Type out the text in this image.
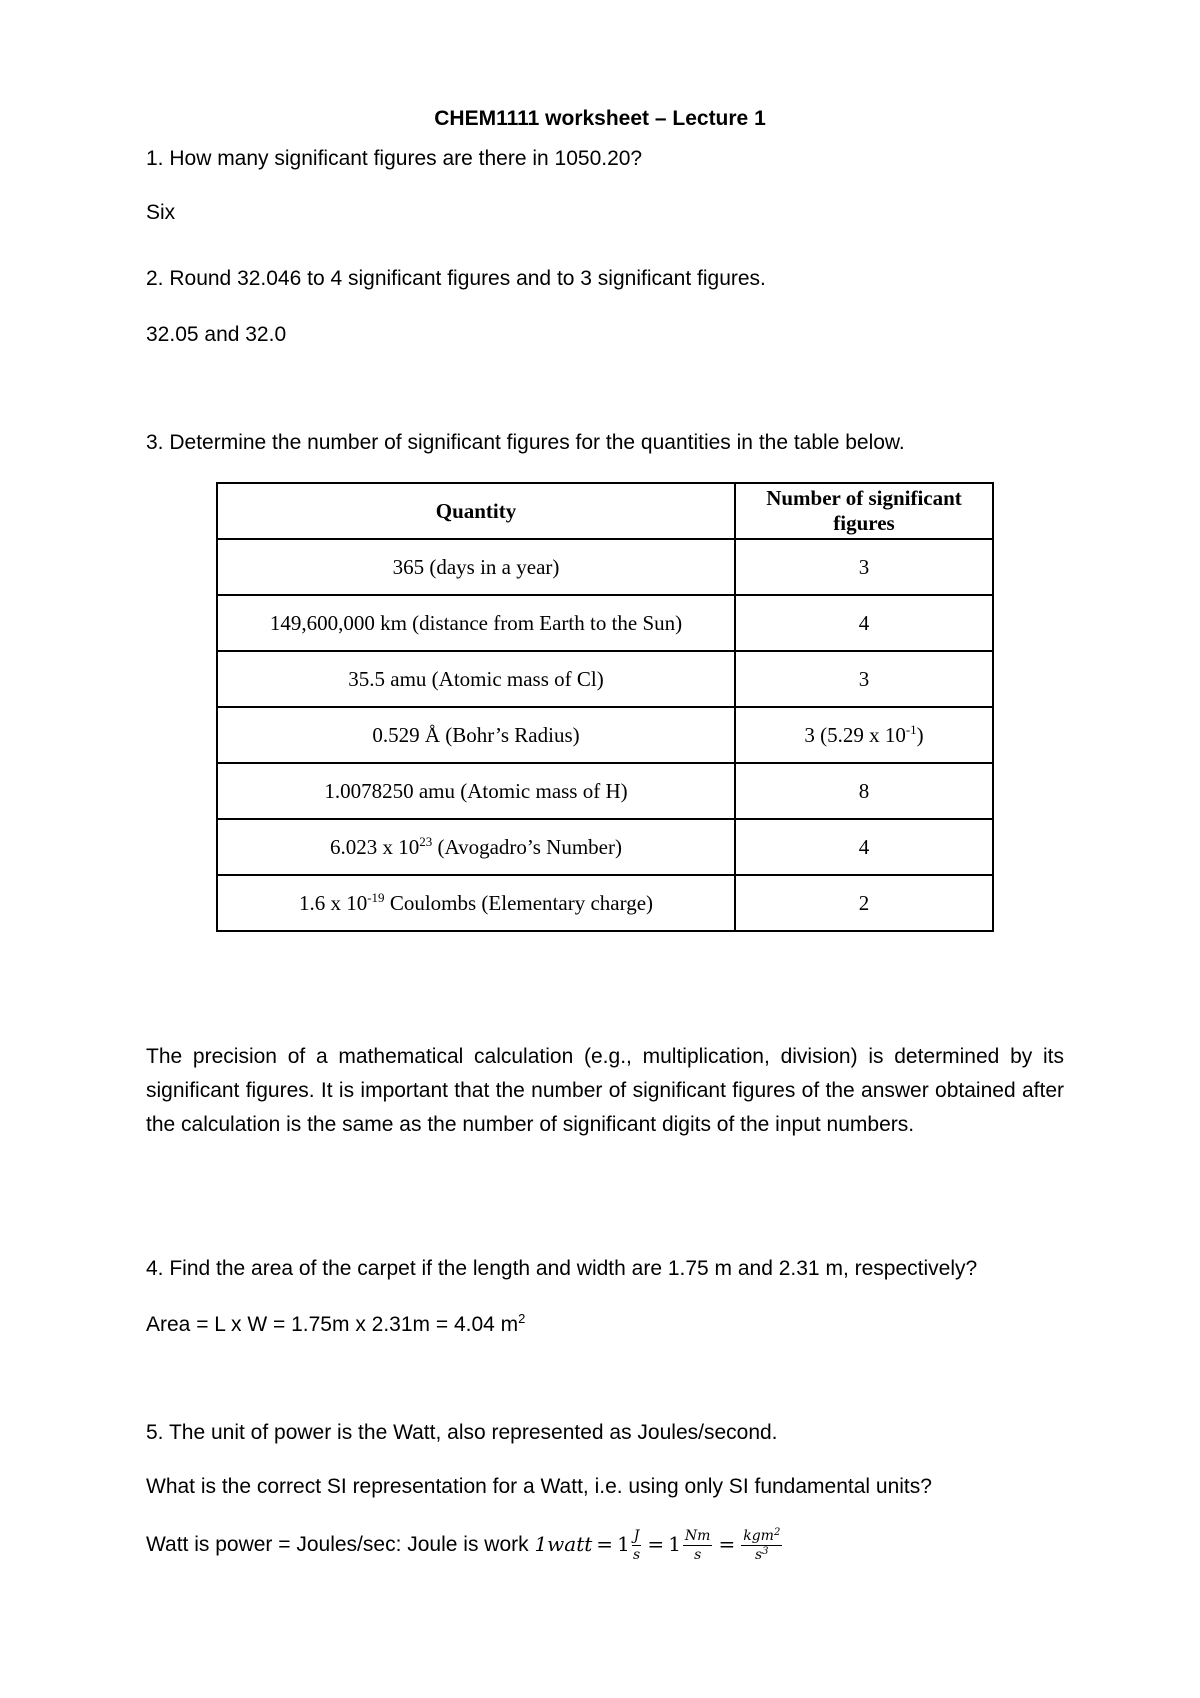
CHEM1111 worksheet – Lecture 1
1. How many significant figures are there in 1050.20?
Six
2. Round 32.046 to 4 significant figures and to 3 significant figures.
32.05 and 32.0
3. Determine the number of significant figures for the quantities in the table below.
Quantity	Number of significant figures
365 (days in a year)	3
149,600,000 km (distance from Earth to the Sun)	4
35.5 amu (Atomic mass of Cl)	3
0.529 Å (Bohr’s Radius)	3 (5.29 x $10^{-1}$)
1.0078250 amu (Atomic mass of H)	8
6.023 x $10^{23}$ (Avogadro’s Number)	4
1.6 x $10^{-19}$ Coulombs (Elementary charge)	2
The precision of a mathematical calculation (e.g., multiplication, division) is determined by its significant figures. It is important that the number of significant figures of the answer obtained after the calculation is the same as the number of significant digits of the input numbers.
4. Find the area of the carpet if the length and width are 1.75 m and 2.31 m, respectively?
Area = L x W = 1.75m x 2.31m = 4.04 $m^2$
5. The unit of power is the Watt, also represented as Joules/second.
What is the correct SI representation for a Watt, i.e. using only SI fundamental units?
Watt is power = Joules/sec: Joule is work 1watt = $1 \frac{J}{s} = 1 \frac{Nm}{s} = \frac{kgm^2}{s^3}$
